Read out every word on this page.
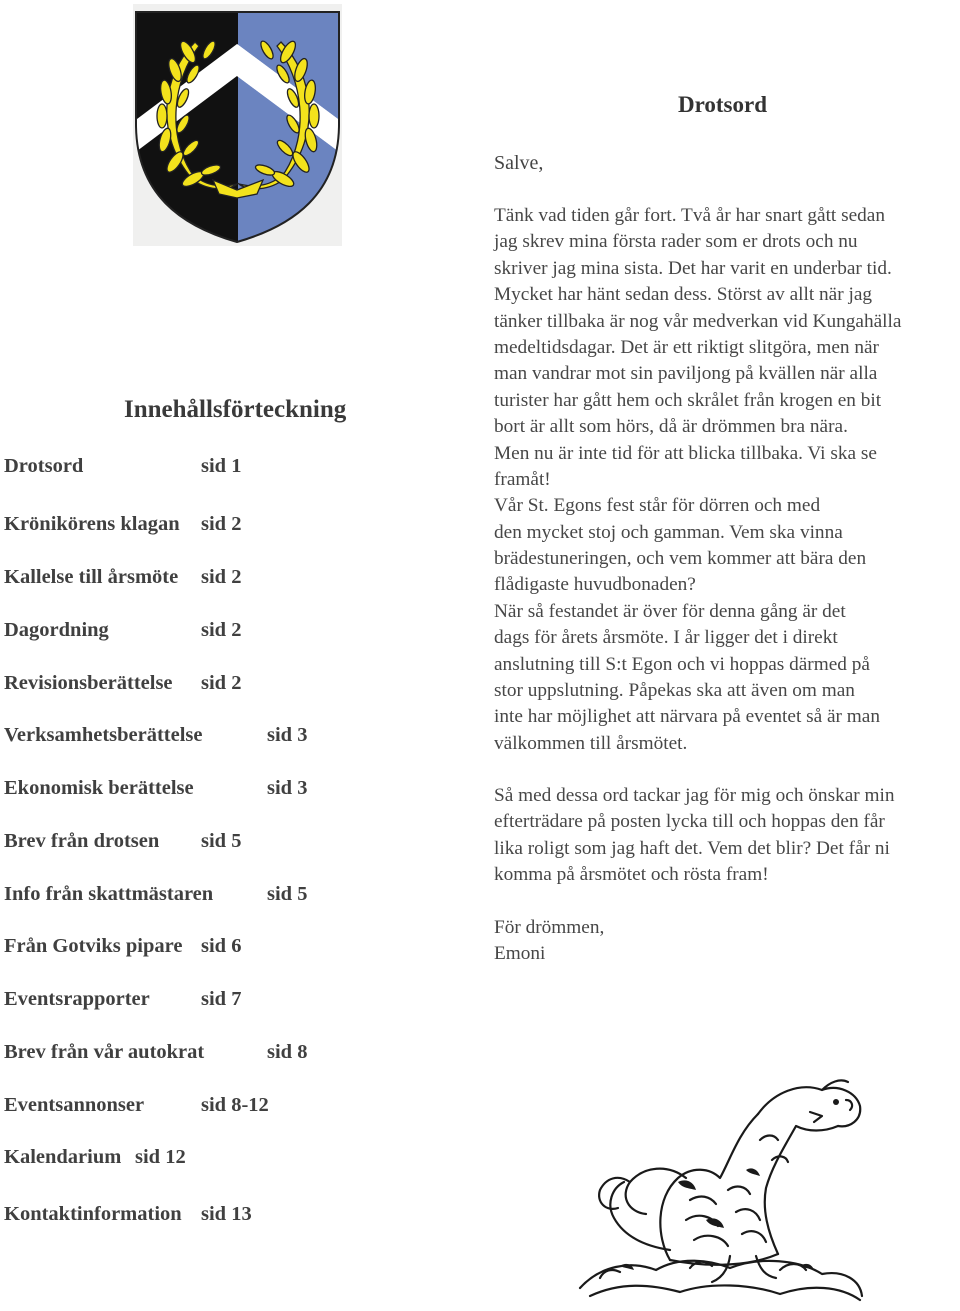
Innehållsförteckning
Drotsord	sid 1
Krönikörens klagan sid 2
Kallelse till årsmöte sid 2
Dagordning	sid 2
Revisionsberättelse sid 2
Verksamhetsberättelse	sid 3
Ekonomisk berättelse	sid 3
Brev från drotsen sid 5
Info från skattmästaren	sid 5
Från Gotviks pipare sid 6
Eventsrapporter sid 7
Brev från vår autokrat	sid 8
Eventsannonser	sid 8-12
Kalendarium sid 12
Kontaktinformation sid 13
Drotsord
Salve,
Tänk vad tiden går fort. Två år har snart gått sedan
jag skrev mina första rader som er drots och nu
skriver jag mina sista. Det har varit en underbar tid.
Mycket har hänt sedan dess. Störst av allt när jag
tänker tillbaka är nog vår medverkan vid Kungahälla
medeltidsdagar. Det är ett riktigt slitgöra, men när
man vandrar mot sin paviljong på kvällen när alla
turister har gått hem och skrålet från krogen en bit
bort är allt som hörs, då är drömmen bra nära.
Men nu är inte tid för att blicka tillbaka. Vi ska se
framåt!
Vår St. Egons fest står för dörren och med
den mycket stoj och gamman. Vem ska vinna
brädestuneringen, och vem kommer att bära den
flådigaste huvudbonaden?
När så festandet är över för denna gång är det
dags för årets årsmöte. I år ligger det i direkt
anslutning till S:t Egon och vi hoppas därmed på
stor uppslutning. Påpekas ska att även om man
inte har möjlighet att närvara på eventet så är man
välkommen till årsmötet.
Så med dessa ord tackar jag för mig och önskar min
efterträdare på posten lycka till och hoppas den får
lika roligt som jag haft det. Vem det blir? Det får ni
komma på årsmötet och rösta fram!
För drömmen,
Emoni
